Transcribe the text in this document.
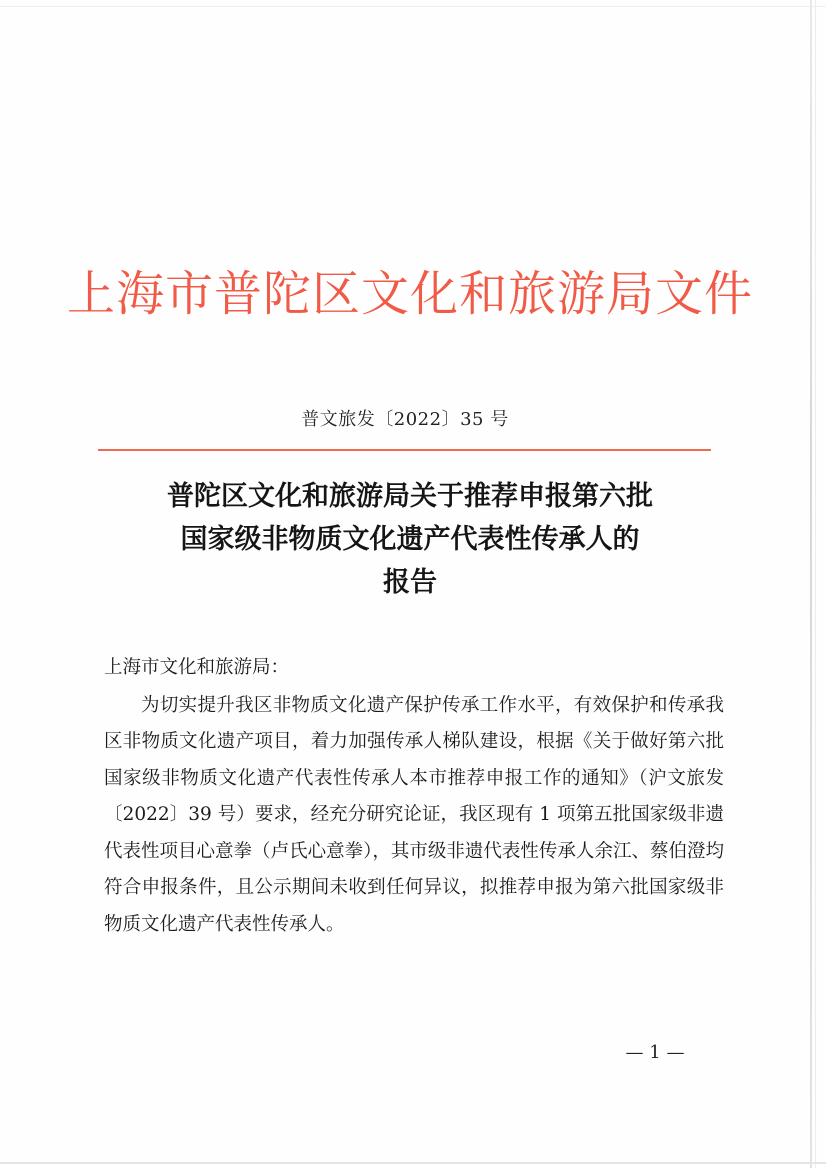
上海市普陀区文化和旅游局文件
普文旅发〔2022〕35 号
普陀区文化和旅游局关于推荐申报第六批
国家级非物质文化遗产代表性传承人的
报告
上海市文化和旅游局：
为切实提升我区非物质文化遗产保护传承工作水平，有效保护和传承我区非物质文化遗产项目，着力加强传承人梯队建设，根据《关于做好第六批国家级非物质文化遗产代表性传承人本市推荐申报工作的通知》（沪文旅发〔2022〕39 号）要求，经充分研究论证，我区现有 1 项第五批国家级非遗代表性项目心意拳（卢氏心意拳），其市级非遗代表性传承人余江、蔡伯澄均符合申报条件，且公示期间未收到任何异议，拟推荐申报为第六批国家级非物质文化遗产代表性传承人。
— 1 —
